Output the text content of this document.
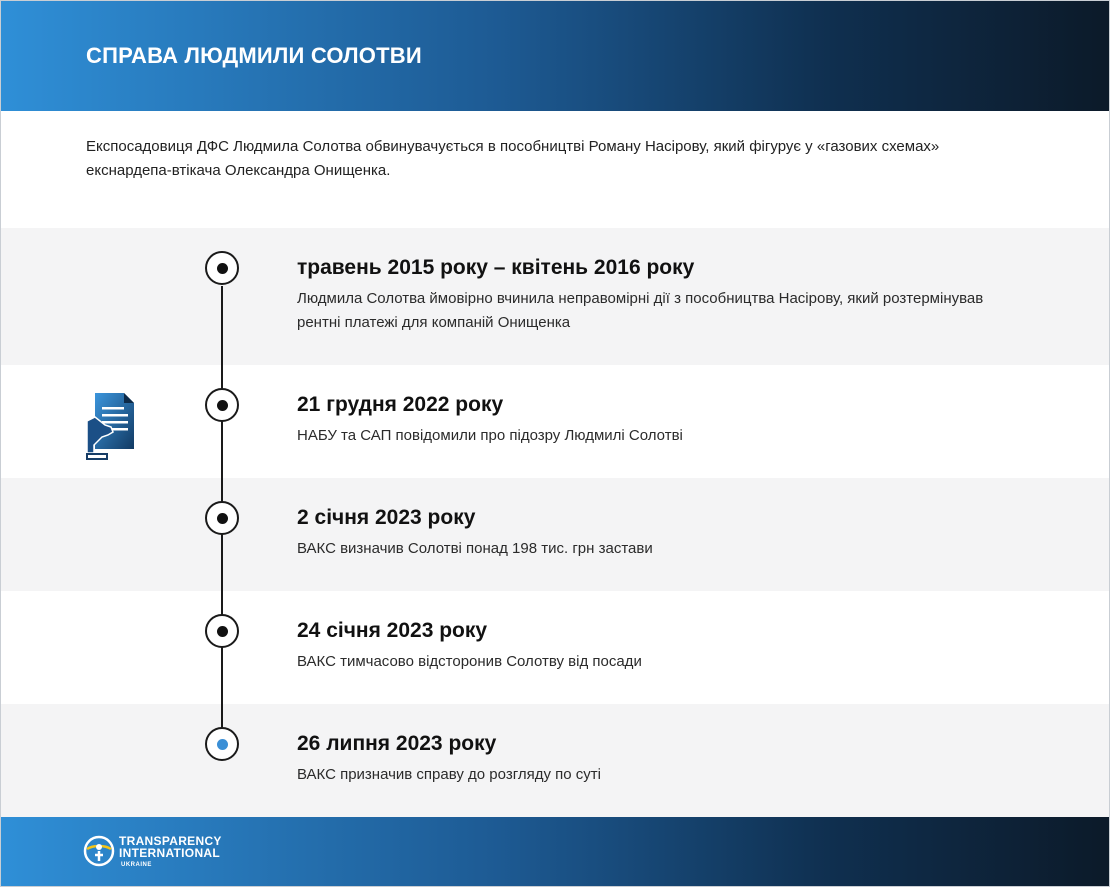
СПРАВА ЛЮДМИЛИ СОЛОТВИ
Експосадовиця ДФС Людмила Солотва обвинувачується в пособництві Роману Насірову, який фігурує у «газових схемах» екснардепа-втікача Олександра Онищенка.
травень 2015 року – квітень 2016 року
Людмила Солотва ймовірно вчинила неправомірні дії з пособництва Насірову, який розтермінував рентні платежі для компаній Онищенка
21 грудня 2022 року
НАБУ та САП повідомили про підозру Людмилі Солотві
2 січня 2023 року
ВАКС визначив Солотві понад 198 тис. грн застави
24 січня 2023 року
ВАКС тимчасово відсторонив Солотву від посади
26 липня 2023 року
ВАКС призначив справу до розгляду по суті
TRANSPARENCY
INTERNATIONAL
UKRAINE
